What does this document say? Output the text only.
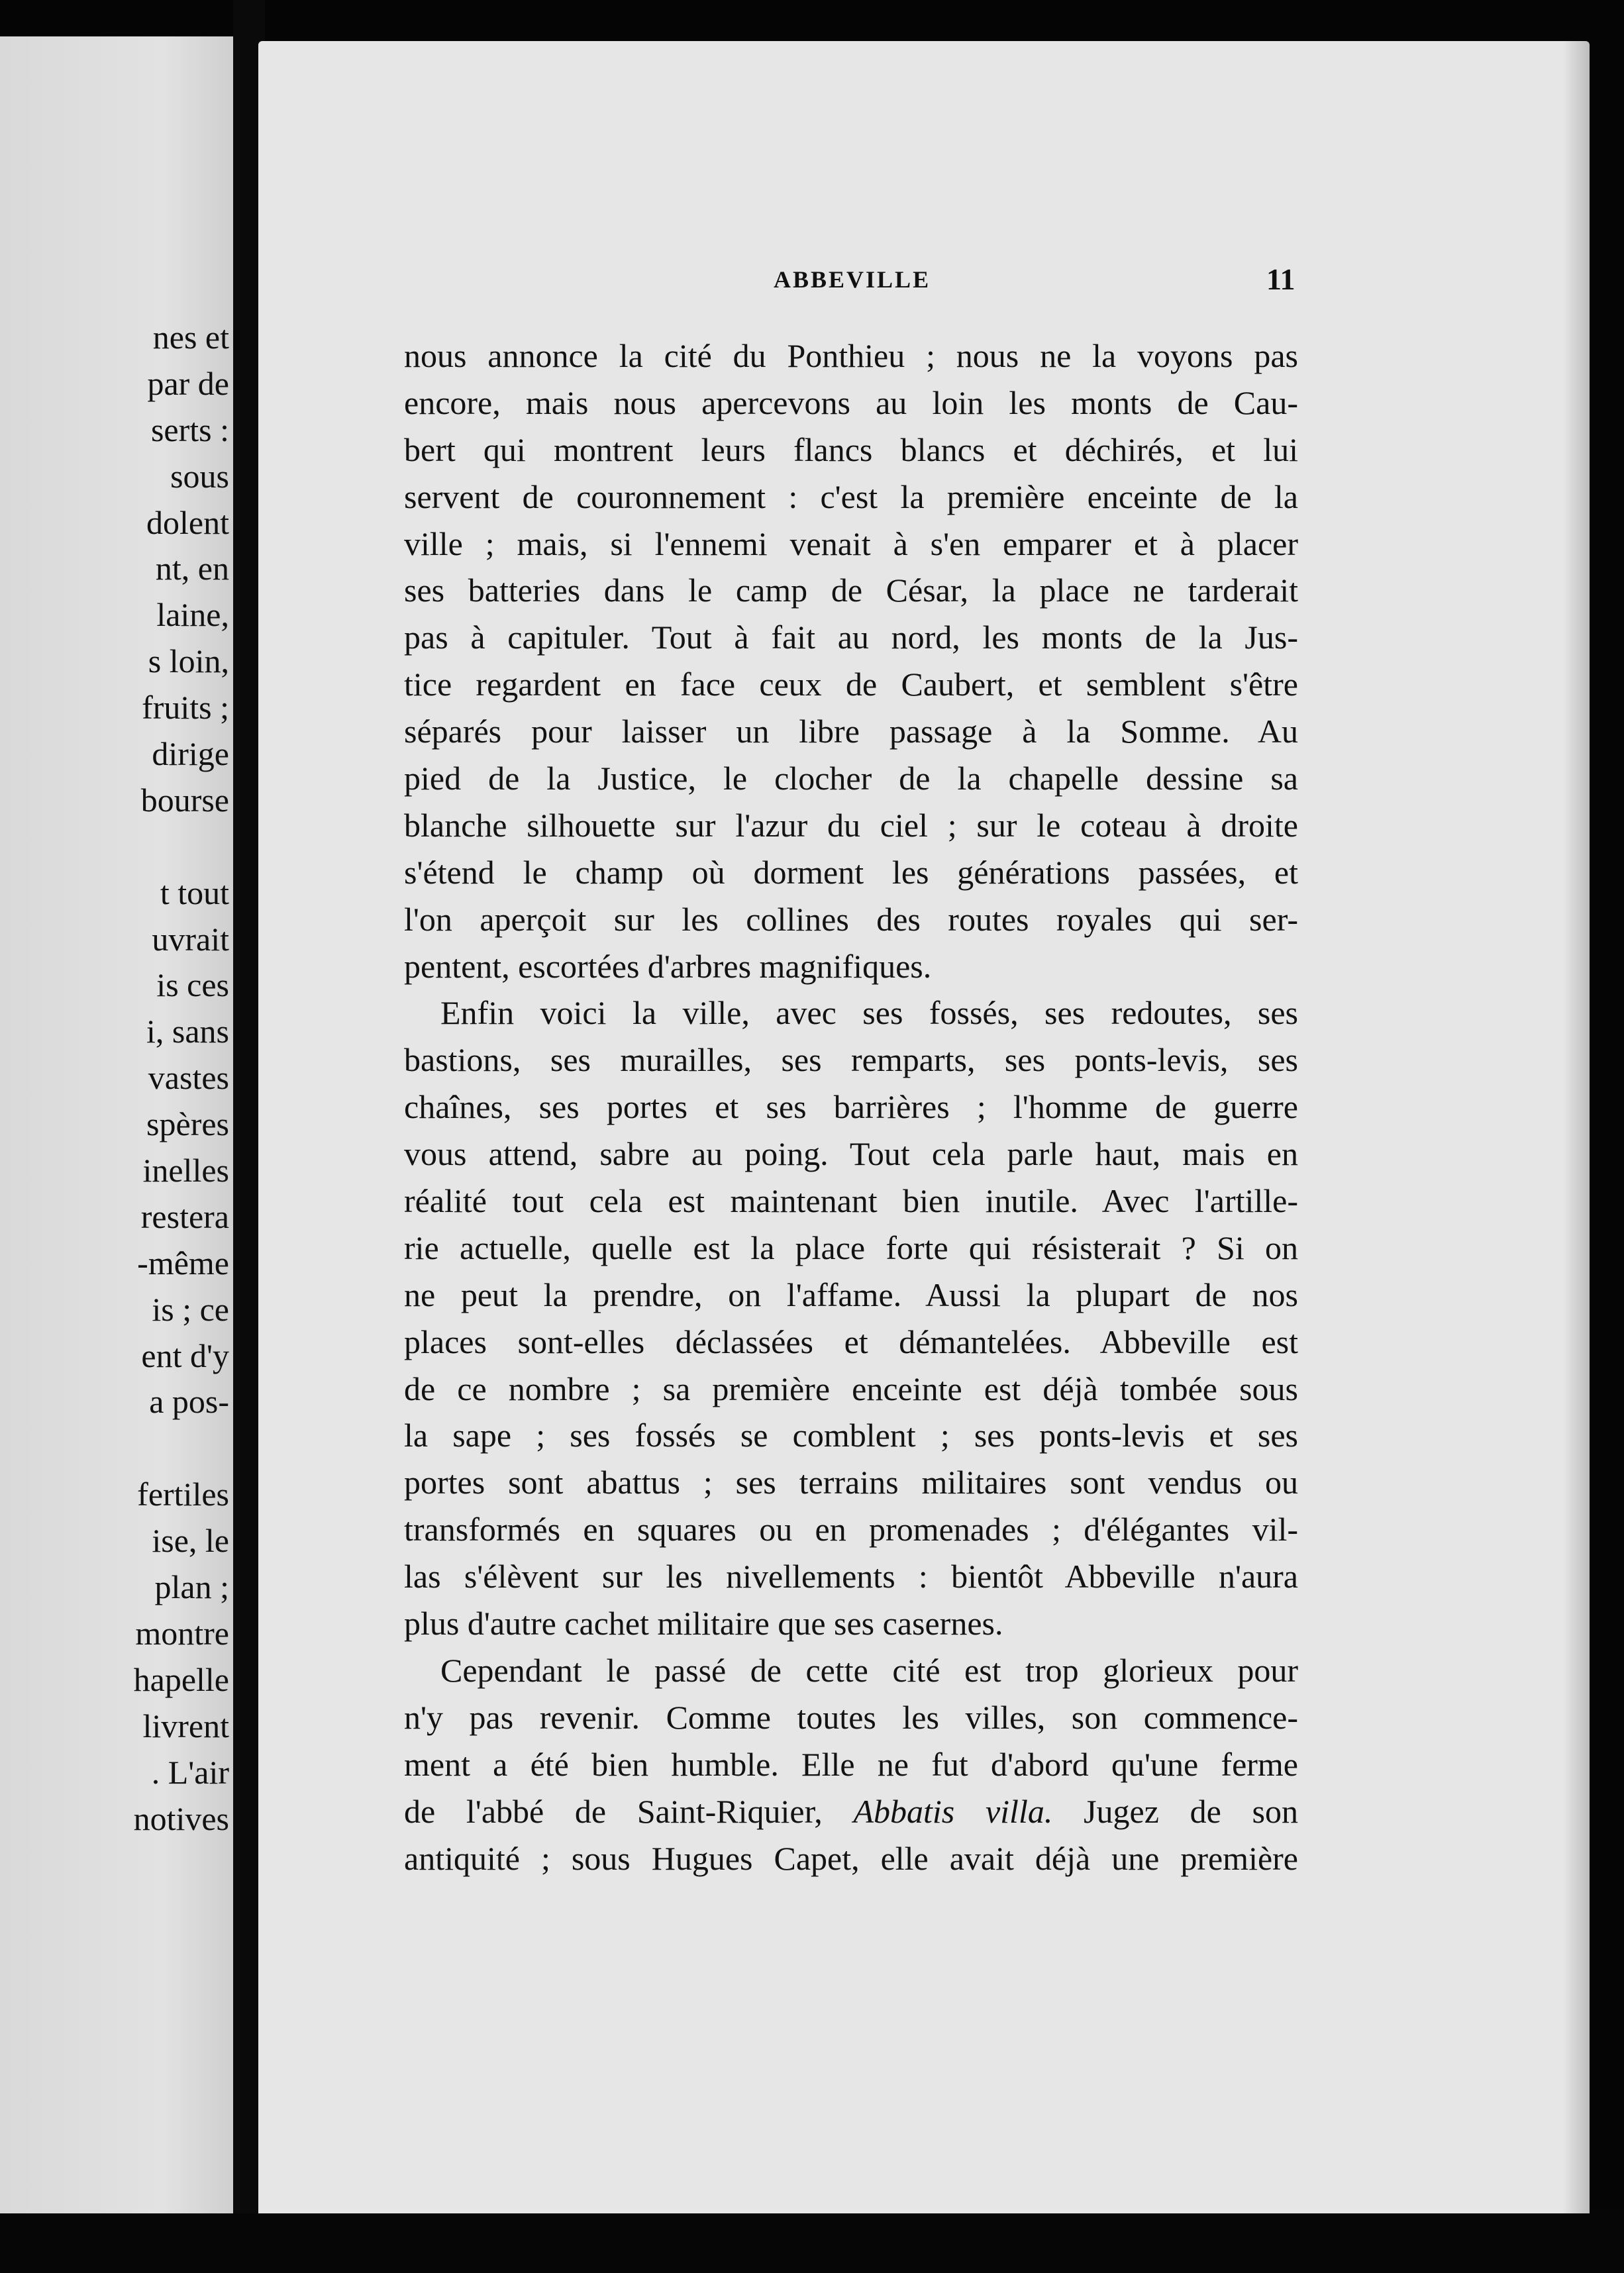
nes et
par de
serts :
sous
dolent
nt, en
laine,
s loin,
fruits ;
dirige
bourse
t tout
uvrait
is ces
i, sans
vastes
spères
inelles
restera
-même
is ; ce
ent d'y
a pos-
fertiles
ise, le
plan ;
montre
hapelle
livrent
. L'air
notives
ABBEVILLE	11
nous annonce la cité du Ponthieu ; nous ne la voyons pas
encore, mais nous apercevons au loin les monts de Cau-
bert qui montrent leurs flancs blancs et déchirés, et lui
servent de couronnement : c'est la première enceinte de la
ville ; mais, si l'ennemi venait à s'en emparer et à placer
ses batteries dans le camp de César, la place ne tarderait
pas à capituler. Tout à fait au nord, les monts de la Jus-
tice regardent en face ceux de Caubert, et semblent s'être
séparés pour laisser un libre passage à la Somme. Au
pied de la Justice, le clocher de la chapelle dessine sa
blanche silhouette sur l'azur du ciel ; sur le coteau à droite
s'étend le champ où dorment les générations passées, et
l'on aperçoit sur les collines des routes royales qui ser-
pentent, escortées d'arbres magnifiques.
Enfin voici la ville, avec ses fossés, ses redoutes, ses
bastions, ses murailles, ses remparts, ses ponts-levis, ses
chaînes, ses portes et ses barrières ; l'homme de guerre
vous attend, sabre au poing. Tout cela parle haut, mais en
réalité tout cela est maintenant bien inutile. Avec l'artille-
rie actuelle, quelle est la place forte qui résisterait ? Si on
ne peut la prendre, on l'affame. Aussi la plupart de nos
places sont-elles déclassées et démantelées. Abbeville est
de ce nombre ; sa première enceinte est déjà tombée sous
la sape ; ses fossés se comblent ; ses ponts-levis et ses
portes sont abattus ; ses terrains militaires sont vendus ou
transformés en squares ou en promenades ; d'élégantes vil-
las s'élèvent sur les nivellements : bientôt Abbeville n'aura
plus d'autre cachet militaire que ses casernes.
Cependant le passé de cette cité est trop glorieux pour
n'y pas revenir. Comme toutes les villes, son commence-
ment a été bien humble. Elle ne fut d'abord qu'une ferme
de l'abbé de Saint-Riquier, Abbatis villa. Jugez de son
antiquité ; sous Hugues Capet, elle avait déjà une première
